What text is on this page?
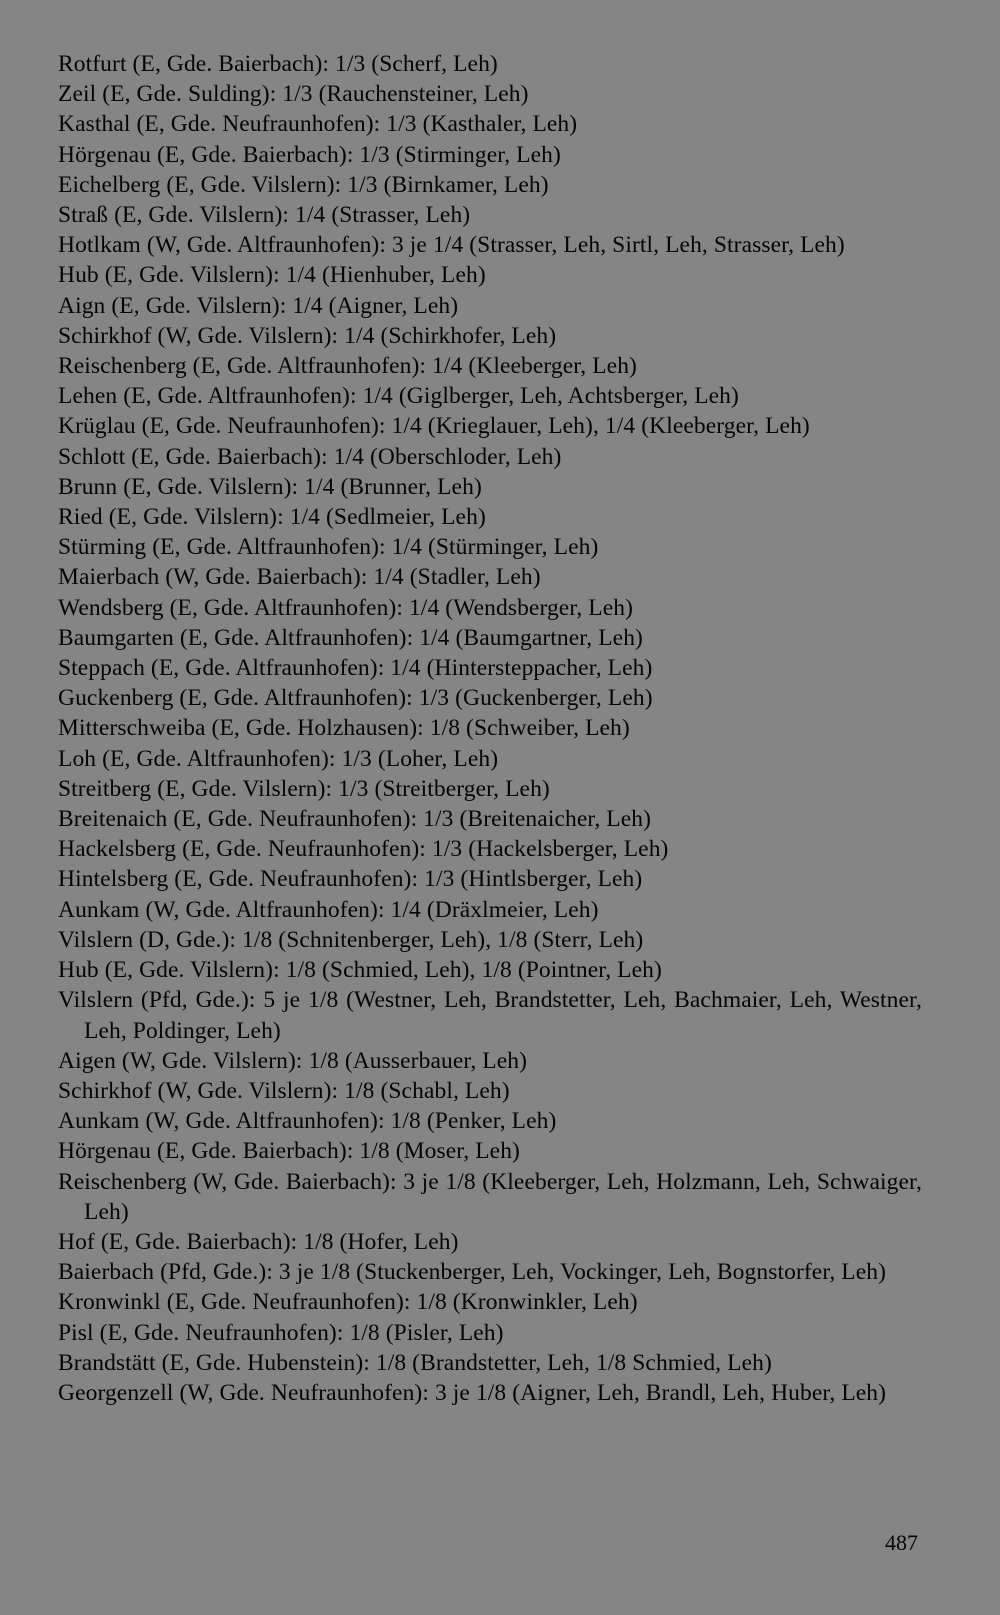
Rotfurt (E, Gde. Baierbach): 1/3 (Scherf, Leh)
Zeil (E, Gde. Sulding): 1/3 (Rauchensteiner, Leh)
Kasthal (E, Gde. Neufraunhofen): 1/3 (Kasthaler, Leh)
Hörgenau (E, Gde. Baierbach): 1/3 (Stirminger, Leh)
Eichelberg (E, Gde. Vilslern): 1/3 (Birnkamer, Leh)
Straß (E, Gde. Vilslern): 1/4 (Strasser, Leh)
Hotlkam (W, Gde. Altfraunhofen): 3 je 1/4 (Strasser, Leh, Sirtl, Leh, Strasser, Leh)
Hub (E, Gde. Vilslern): 1/4 (Hienhuber, Leh)
Aign (E, Gde. Vilslern): 1/4 (Aigner, Leh)
Schirkhof (W, Gde. Vilslern): 1/4 (Schirkhofer, Leh)
Reischenberg (E, Gde. Altfraunhofen): 1/4 (Kleeberger, Leh)
Lehen (E, Gde. Altfraunhofen): 1/4 (Giglberger, Leh, Achtsberger, Leh)
Krüglau (E, Gde. Neufraunhofen): 1/4 (Krieglauer, Leh), 1/4 (Kleeberger, Leh)
Schlott (E, Gde. Baierbach): 1/4 (Oberschloder, Leh)
Brunn (E, Gde. Vilslern): 1/4 (Brunner, Leh)
Ried (E, Gde. Vilslern): 1/4 (Sedlmeier, Leh)
Stürming (E, Gde. Altfraunhofen): 1/4 (Stürminger, Leh)
Maierbach (W, Gde. Baierbach): 1/4 (Stadler, Leh)
Wendsberg (E, Gde. Altfraunhofen): 1/4 (Wendsberger, Leh)
Baumgarten (E, Gde. Altfraunhofen): 1/4 (Baumgartner, Leh)
Steppach (E, Gde. Altfraunhofen): 1/4 (Hintersteppacher, Leh)
Guckenberg (E, Gde. Altfraunhofen): 1/3 (Guckenberger, Leh)
Mitterschweiba (E, Gde. Holzhausen): 1/8 (Schweiber, Leh)
Loh (E, Gde. Altfraunhofen): 1/3 (Loher, Leh)
Streitberg (E, Gde. Vilslern): 1/3 (Streitberger, Leh)
Breitenaich (E, Gde. Neufraunhofen): 1/3 (Breitenaicher, Leh)
Hackelsberg (E, Gde. Neufraunhofen): 1/3 (Hackelsberger, Leh)
Hintelsberg (E, Gde. Neufraunhofen): 1/3 (Hintlsberger, Leh)
Aunkam (W, Gde. Altfraunhofen): 1/4 (Dräxlmeier, Leh)
Vilslern (D, Gde.): 1/8 (Schnitenberger, Leh), 1/8 (Sterr, Leh)
Hub (E, Gde. Vilslern): 1/8 (Schmied, Leh), 1/8 (Pointner, Leh)
Vilslern (Pfd, Gde.): 5 je 1/8 (Westner, Leh, Brandstetter, Leh, Bachmaier, Leh, Westner, Leh, Poldinger, Leh)
Aigen (W, Gde. Vilslern): 1/8 (Ausserbauer, Leh)
Schirkhof (W, Gde. Vilslern): 1/8 (Schabl, Leh)
Aunkam (W, Gde. Altfraunhofen): 1/8 (Penker, Leh)
Hörgenau (E, Gde. Baierbach): 1/8 (Moser, Leh)
Reischenberg (W, Gde. Baierbach): 3 je 1/8 (Kleeberger, Leh, Holzmann, Leh, Schwaiger, Leh)
Hof (E, Gde. Baierbach): 1/8 (Hofer, Leh)
Baierbach (Pfd, Gde.): 3 je 1/8 (Stuckenberger, Leh, Vockinger, Leh, Bognstorfer, Leh)
Kronwinkl (E, Gde. Neufraunhofen): 1/8 (Kronwinkler, Leh)
Pisl (E, Gde. Neufraunhofen): 1/8 (Pisler, Leh)
Brandstätt (E, Gde. Hubenstein): 1/8 (Brandstetter, Leh, 1/8 Schmied, Leh)
Georgenzell (W, Gde. Neufraunhofen): 3 je 1/8 (Aigner, Leh, Brandl, Leh, Huber, Leh)
487
